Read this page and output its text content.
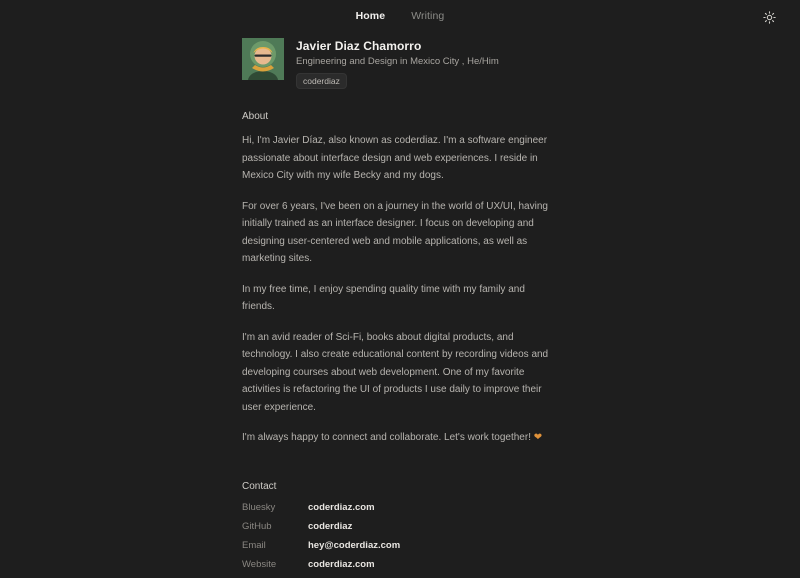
Home Writing
Javier Diaz Chamorro
Engineering and Design in Mexico City , He/Him
coderdiaz
About

Hi, I'm Javier Díaz, also known as coderdiaz. I'm a software engineer passionate about interface design and web experiences. I reside in Mexico City with my wife Becky and my dogs.

For over 6 years, I've been on a journey in the world of UX/UI, having initially trained as an interface designer. I focus on developing and designing user-centered web and mobile applications, as well as marketing sites.

In my free time, I enjoy spending quality time with my family and friends.

I'm an avid reader of Sci-Fi, books about digital products, and technology. I also create educational content by recording videos and developing courses about web development. One of my favorite activities is refactoring the UI of products I use daily to improve their user experience.

I'm always happy to connect and collaborate. Let's work together! ❤

Contact
Bluesky	coderdiaz.com
GitHub	coderdiaz
Email	hey@coderdiaz.com
Website	coderdiaz.com
